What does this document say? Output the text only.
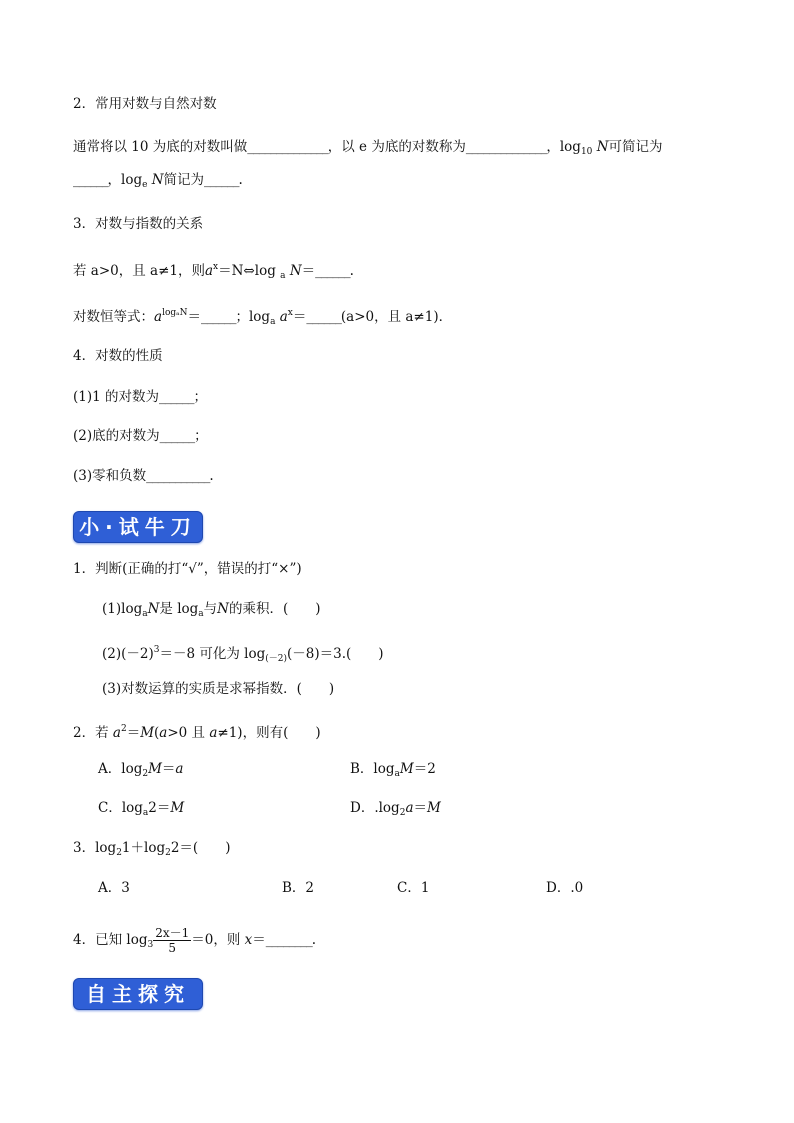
2．常用对数与自然对数
通常将以 10 为底的对数叫做______________，以 e 为底的对数称为______________，$\log_{10} N$可简记为
______，$\log_e N$简记为______.
3．对数与指数的关系
若 a>0，且 a≠1，则$a^x=N\Leftrightarrow\log$ $_a$ N＝______.
对数恒等式：$a^{log_aN}=\_\_\_\_\_\_$；$\log_a$ $a^x=\_\_\_\_\_\_(a>0$，且 a≠1)．
4．对数的性质
(1)1 的对数为______；
(2)底的对数为______；
(3)零和负数___________.
小·试牛刀
1．判断(正确的打“√”，错误的打“×”)
$(1)\log_aN$是 $\log_a$与N的乘积．(　　)
$(2)(-2)^3=-8$ 可化为 $\log_{(-2)}(-8)=3$.(　　)
(3)对数运算的实质是求幂指数．(　　)
2．若 $a^2=M(a>0$ 且 a≠1)，则有(　　)
A．$\log_2M=a$	B．$\log_aM=2$
C．$\log_a2=M$	D．$.\log_2a=M$
3．$\log_21+\log_22=$(　　)
A．3	B．2	C．1	D．.0
4．已知 $\log_3 \frac{2x-1}{5} =0$，则 x＝________.
自主探究
